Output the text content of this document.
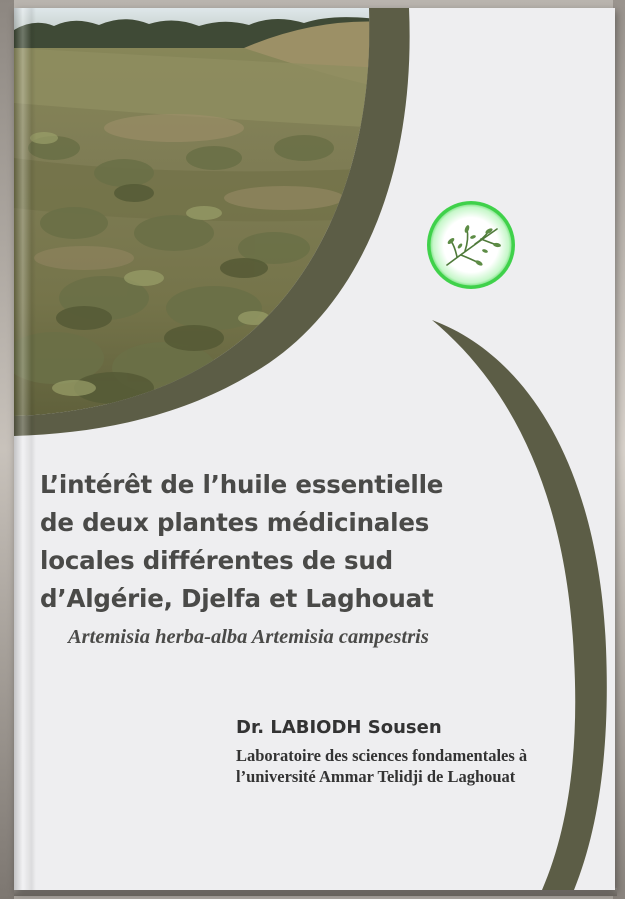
L’intérêt de l’huile essentielle
de deux plantes médicinales
locales différentes de sud
d’Algérie, Djelfa et Laghouat
Artemisia herba-alba Artemisia campestris
Dr. LABIODH Sousen
Laboratoire des sciences fondamentales à
l’université Ammar Telidji de Laghouat
